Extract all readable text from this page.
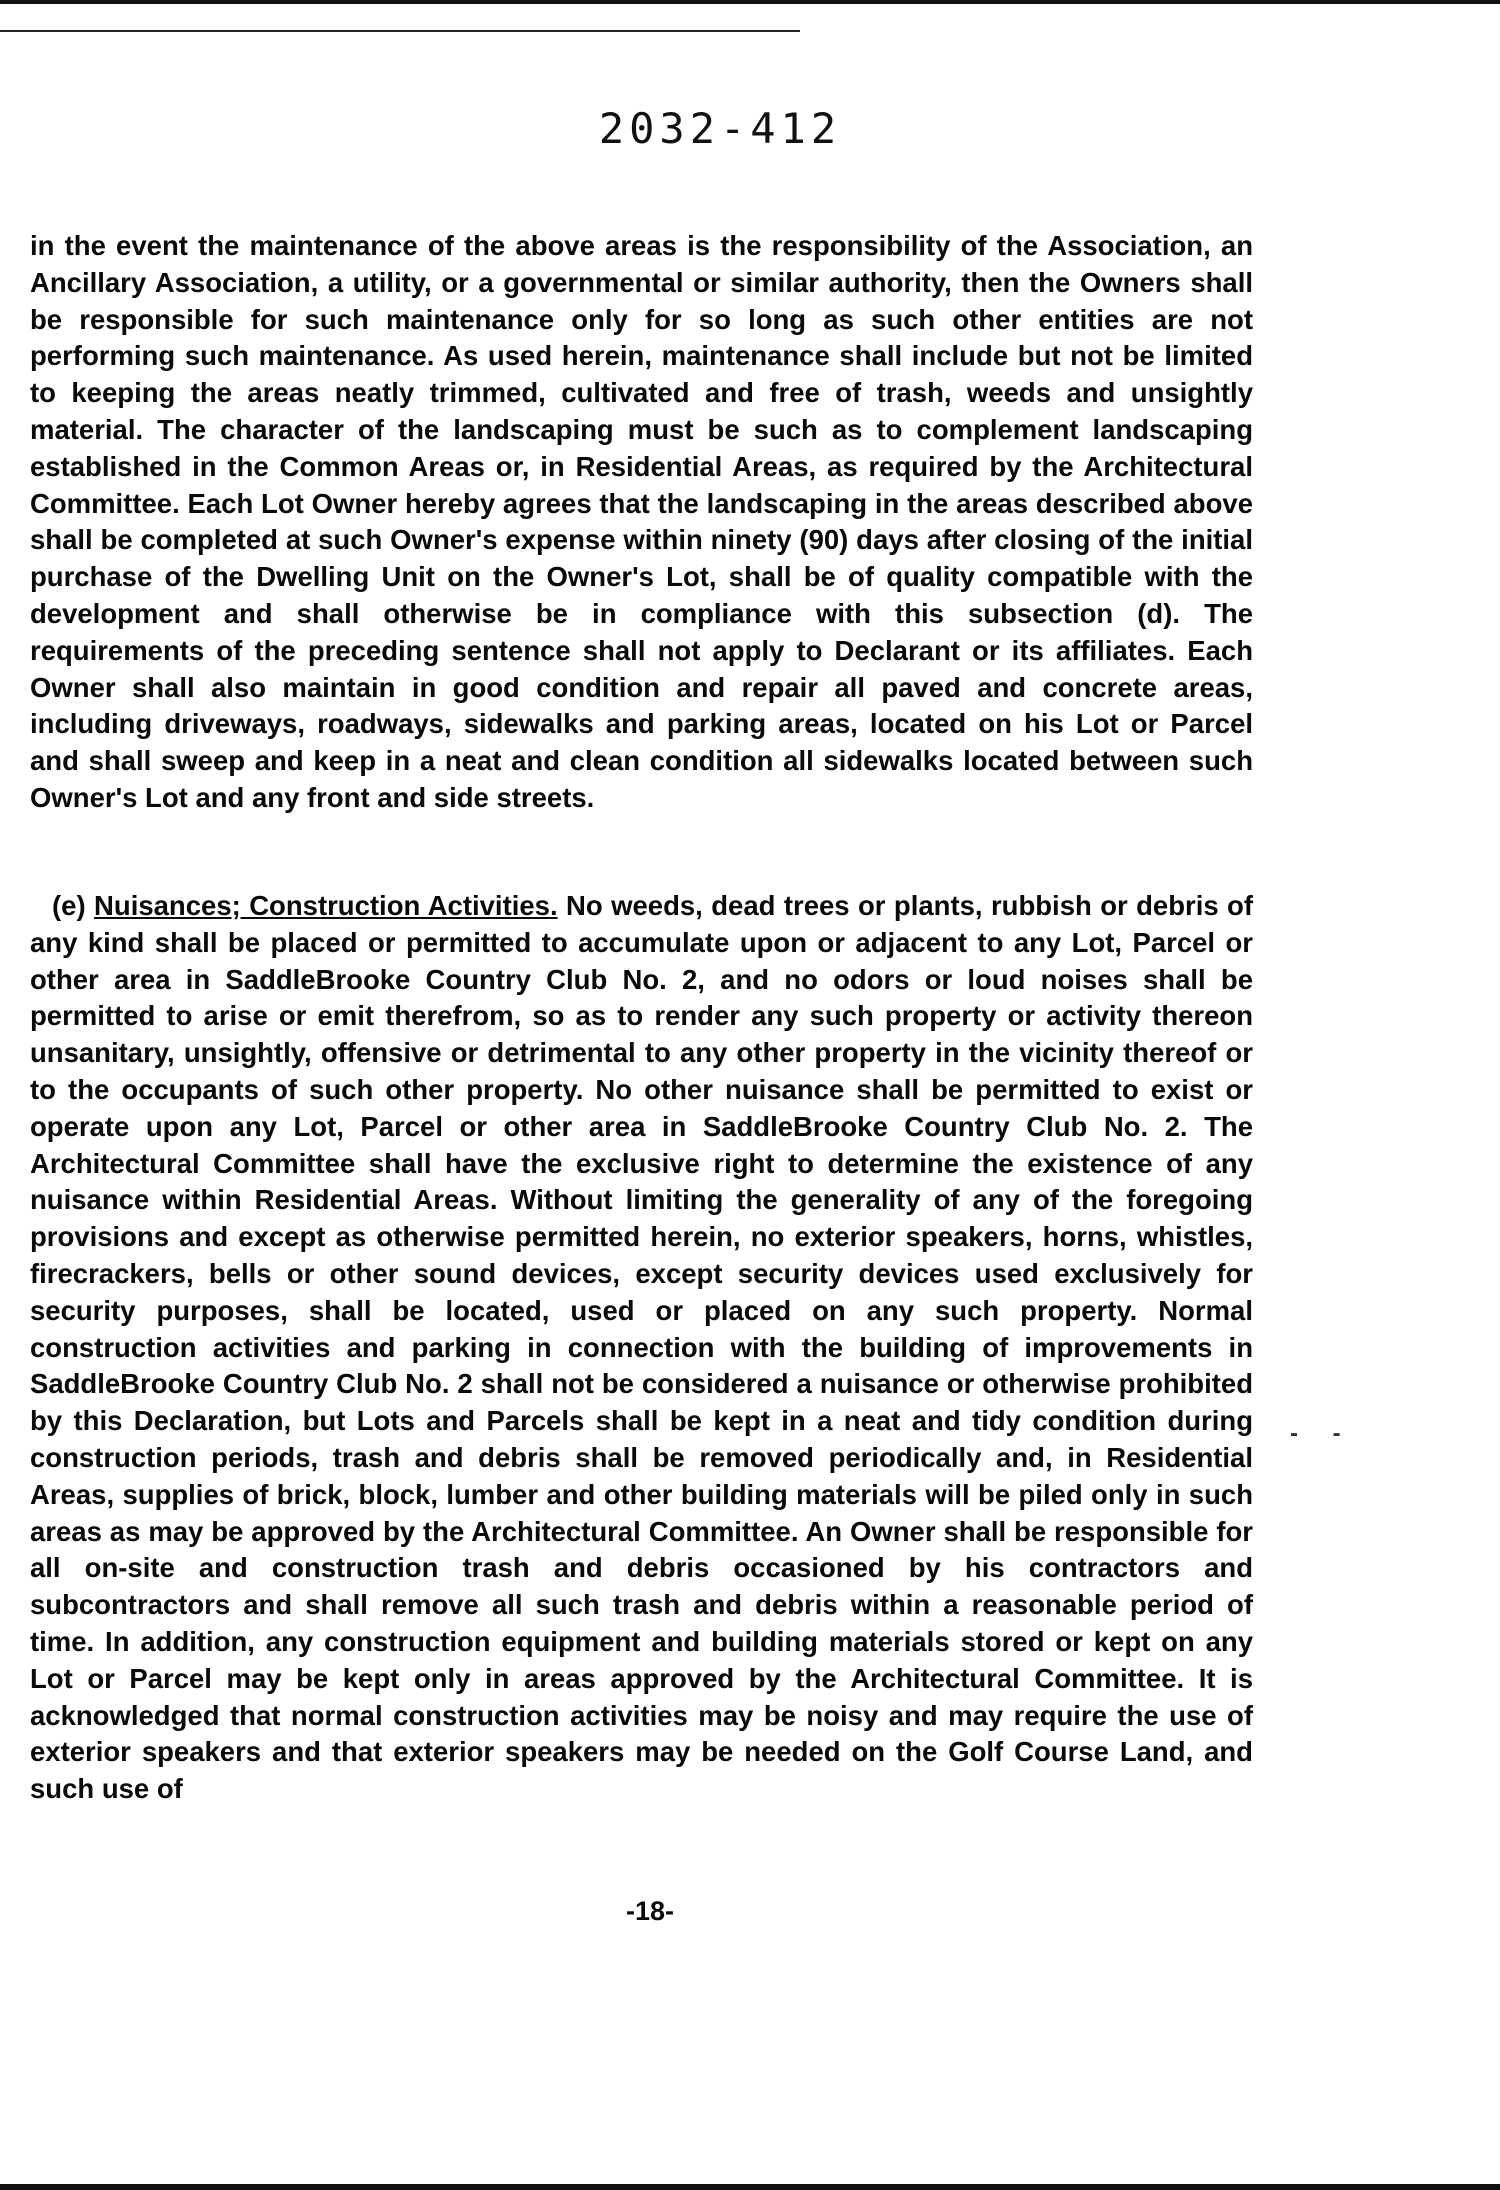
2032-412

in the event the maintenance of the above areas is the responsibility of the Association, an Ancillary Association, a utility, or a governmental or similar authority, then the Owners shall be responsible for such maintenance only for so long as such other entities are not performing such maintenance. As used herein, maintenance shall include but not be limited to keeping the areas neatly trimmed, cultivated and free of trash, weeds and unsightly material. The character of the landscaping must be such as to complement landscaping established in the Common Areas or, in Residential Areas, as required by the Architectural Committee. Each Lot Owner hereby agrees that the landscaping in the areas described above shall be completed at such Owner's expense within ninety (90) days after closing of the initial purchase of the Dwelling Unit on the Owner's Lot, shall be of quality compatible with the development and shall otherwise be in compliance with this subsection (d). The requirements of the preceding sentence shall not apply to Declarant or its affiliates. Each Owner shall also maintain in good condition and repair all paved and concrete areas, including driveways, roadways, sidewalks and parking areas, located on his Lot or Parcel and shall sweep and keep in a neat and clean condition all sidewalks located between such Owner's Lot and any front and side streets.

(e) Nuisances; Construction Activities. No weeds, dead trees or plants, rubbish or debris of any kind shall be placed or permitted to accumulate upon or adjacent to any Lot, Parcel or other area in SaddleBrooke Country Club No. 2, and no odors or loud noises shall be permitted to arise or emit therefrom, so as to render any such property or activity thereon unsanitary, unsightly, offensive or detrimental to any other property in the vicinity thereof or to the occupants of such other property. No other nuisance shall be permitted to exist or operate upon any Lot, Parcel or other area in SaddleBrooke Country Club No. 2. The Architectural Committee shall have the exclusive right to determine the existence of any nuisance within Residential Areas. Without limiting the generality of any of the foregoing provisions and except as otherwise permitted herein, no exterior speakers, horns, whistles, firecrackers, bells or other sound devices, except security devices used exclusively for security purposes, shall be located, used or placed on any such property. Normal construction activities and parking in connection with the building of improvements in SaddleBrooke Country Club No. 2 shall not be considered a nuisance or otherwise prohibited by this Declaration, but Lots and Parcels shall be kept in a neat and tidy condition during construction periods, trash and debris shall be removed periodically and, in Residential Areas, supplies of brick, block, lumber and other building materials will be piled only in such areas as may be approved by the Architectural Committee. An Owner shall be responsible for all on-site and construction trash and debris occasioned by his contractors and subcontractors and shall remove all such trash and debris within a reasonable period of time. In addition, any construction equipment and building materials stored or kept on any Lot or Parcel may be kept only in areas approved by the Architectural Committee. It is acknowledged that normal construction activities may be noisy and may require the use of exterior speakers and that exterior speakers may be needed on the Golf Course Land, and such use of

- -
-18-
